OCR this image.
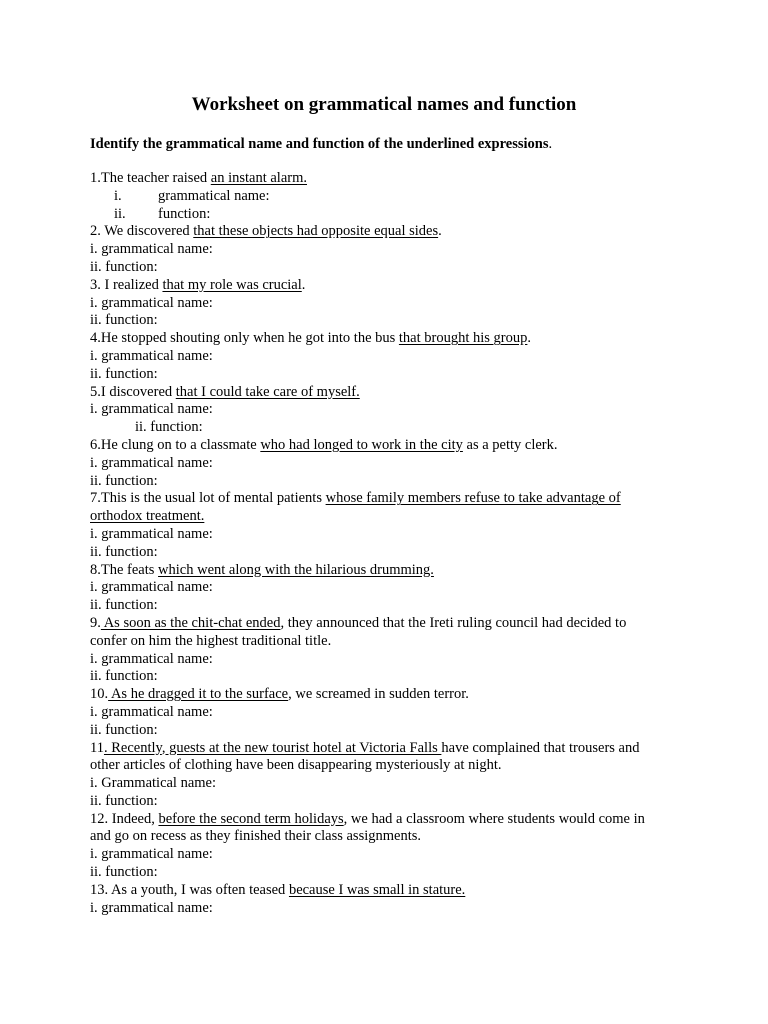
Worksheet on grammatical names and function

Identify the grammatical name and function of the underlined expressions.

1.The teacher raised an instant alarm.

i.	grammatical name:

ii. function:

2. We discovered that these objects had opposite equal sides.

i. grammatical name:

ii. function:

3. I realized that my role was crucial.

i. grammatical name:

ii. function:

4.He stopped shouting only when he got into the bus that brought his group.

i. grammatical name:

ii. function:

5.I discovered that I could take care of myself.

i. grammatical name:

ii. function:

6.He clung on to a classmate who had longed to work in the city as a petty clerk.

i. grammatical name:

ii. function:

7.This is the usual lot of mental patients whose family members refuse to take advantage of

orthodox treatment.

i. grammatical name:

ii. function:

8.The feats which went along with the hilarious drumming.

i. grammatical name:

ii. function:

9. As soon as the chit-chat ended, they announced that the Ireti ruling council had decided to

confer on him the highest traditional title.

i. grammatical name:

ii. function:

10. As he dragged it to the surface, we screamed in sudden terror.

i. grammatical name:

ii. function:

11. Recently, guests at the new tourist hotel at Victoria Falls have complained that trousers and

other articles of clothing have been disappearing mysteriously at night.

i. Grammatical name:

ii. function:

12. Indeed, before the second term holidays, we had a classroom where students would come in

and go on recess as they finished their class assignments.

i. grammatical name:

ii. function:

13. As a youth, I was often teased because I was small in stature.

i. grammatical name:
